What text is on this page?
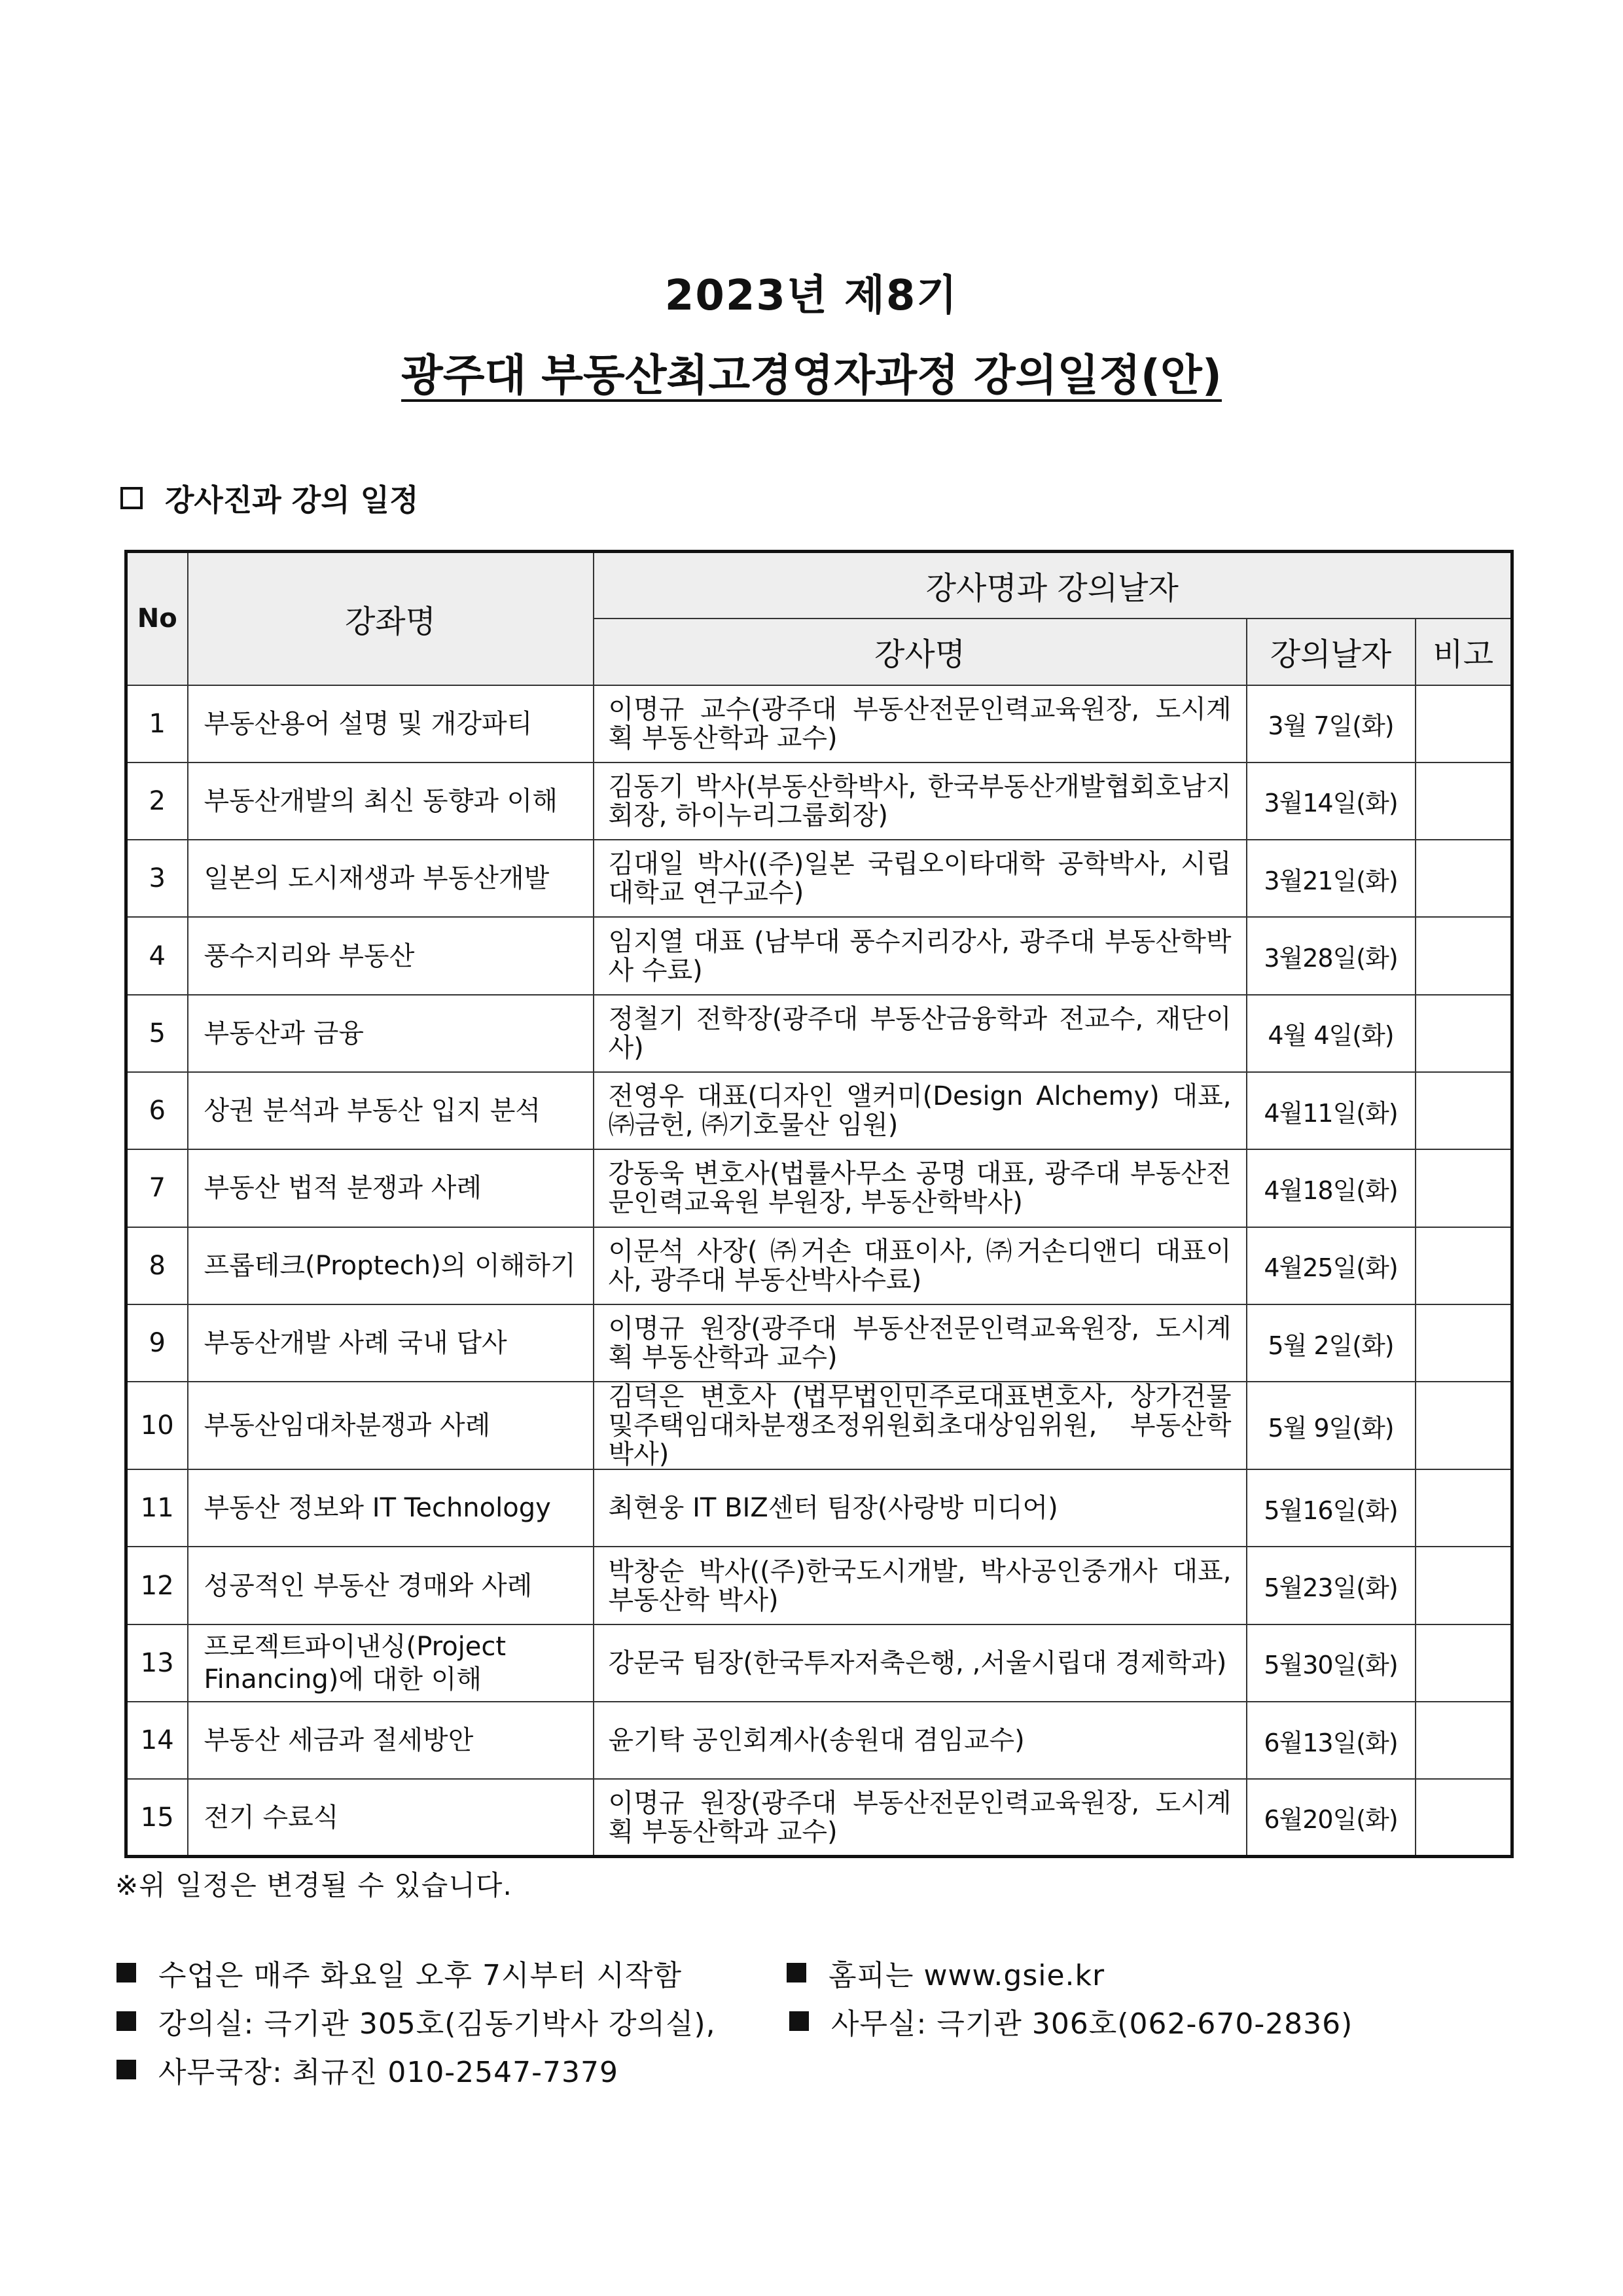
2023년 제8기
광주대 부동산최고경영자과정 강의일정(안)
강사진과 강의 일정
No	강좌명	강사명과 강의날자		
		강사명	강의날자	비고
1	부동산용어 설명 및 개강파티	이명규 교수(광주대 부동산전문인력교육원장, 도시계획 부동산학과 교수)	3월 7일(화)	
2	부동산개발의 최신 동향과 이해	김동기 박사(부동산학박사, 한국부동산개발협회호남지회장, 하이누리그룹회장)	3월14일(화)	
3	일본의 도시재생과 부동산개발	김대일 박사((주)일본 국립오이타대학 공학박사, 시립대학교 연구교수)	3월21일(화)	
4	풍수지리와 부동산	임지열 대표 (남부대 풍수지리강사, 광주대 부동산학박사 수료)	3월28일(화)	
5	부동산과 금융	정철기 전학장(광주대 부동산금융학과 전교수, 재단이사)	4월 4일(화)	
6	상권 분석과 부동산 입지 분석	전영우 대표(디자인 앨커미(Design Alchemy) 대표, ㈜금헌, ㈜기호물산 임원)	4월11일(화)	
7	부동산 법적 분쟁과 사례	강동욱 변호사(법률사무소 공명 대표, 광주대 부동산전문인력교육원 부원장, 부동산학박사)	4월18일(화)	
8	프롭테크(Proptech)의 이해하기	이문석 사장( ㈜거손 대표이사, ㈜거손디앤디 대표이사, 광주대 부동산박사수료)	4월25일(화)	
9	부동산개발 사례 국내 답사	이명규 원장(광주대 부동산전문인력교육원장, 도시계획 부동산학과 교수)	5월 2일(화)	
10	부동산임대차분쟁과 사례	김덕은 변호사 (법무법인민주로대표변호사, 상가건물및주택임대차분쟁조정위원회초대상임위원, 부동산학박사)	5월 9일(화)	
11	부동산 정보와 IT Technology	최현웅 IT BIZ센터 팀장(사랑방 미디어)	5월16일(화)	
12	성공적인 부동산 경매와 사례	박창순 박사((주)한국도시개발, 박사공인중개사 대표, 부동산학 박사)	5월23일(화)	
13	프로젝트파이낸싱(Project Financing)에 대한 이해	강문국 팀장(한국투자저축은행, ,서울시립대 경제학과)	5월30일(화)	
14	부동산 세금과 절세방안	윤기탁 공인회계사(송원대 겸임교수)	6월13일(화)	
15	전기 수료식	이명규 원장(광주대 부동산전문인력교육원장, 도시계획 부동산학과 교수)	6월20일(화)	
※위 일정은 변경될 수 있습니다.
수업은 매주 화요일 오후 7시부터 시작함	홈피는 www.gsie.kr
강의실: 극기관 305호(김동기박사 강의실),	사무실: 극기관 306호(062-670-2836)
사무국장: 최규진 010-2547-7379
